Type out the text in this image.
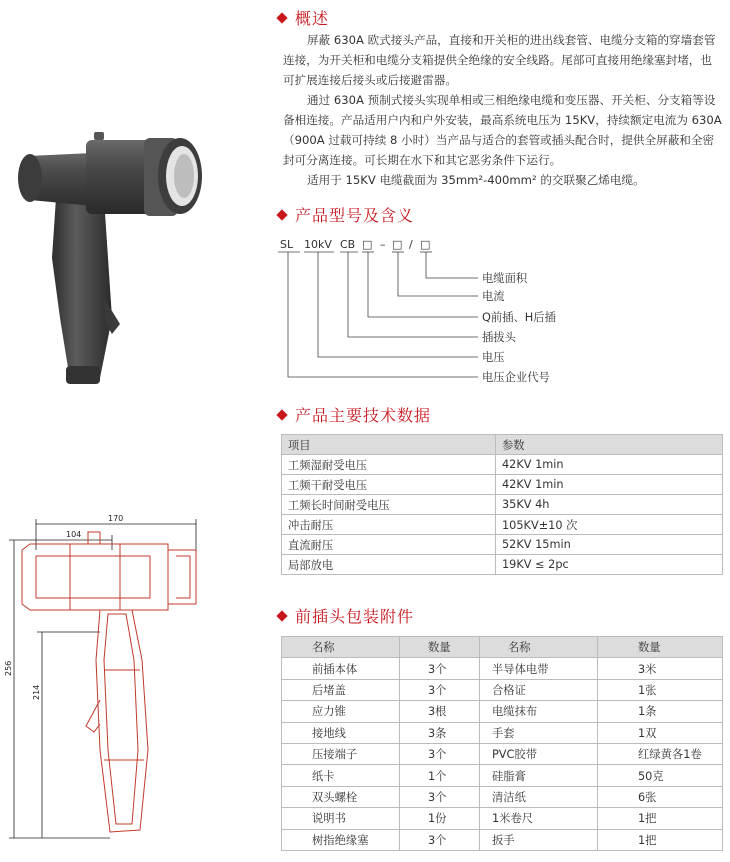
170
104
256
214
概述

屏蔽 630A 欧式接头产品，直接和开关柜的进出线套管、电缆分支箱的穿墙套管连接，为开关柜和电缆分支箱提供全绝缘的安全线路。尾部可直接用绝缘塞封堵，也可扩展连接后接头或后接避雷器。

通过 630A 预制式接头实现单相或三相绝缘电缆和变压器、开关柜、分支箱等设备相连接。产品适用户内和户外安装，最高系统电压为 15KV，持续额定电流为 630A（900A 过载可持续 8 小时）当产品与适合的套管或插头配合时，提供全屏蔽和全密封可分离连接。可长期在水下和其它恶劣条件下运行。

适用于 15KV 电缆截面为 35mm²-400mm² 的交联聚乙烯电缆。

产品型号及含义
SL 10kV CB □ – □ / □
电缆面积
电流
Q前插、H后插
插拔头
电压
电压企业代号
产品主要技术数据
项目	参数
工频湿耐受电压	42KV 1min
工频干耐受电压	42KV 1min
工频长时间耐受电压	35KV 4h
冲击耐压	105KV±10 次
直流耐压	52KV 15min
局部放电	19KV ≤ 2pc
前插头包装附件
名称	数量	名称	数量
前插本体	3个	半导体电带	3米
后堵盖	3个	合格证	1张
应力锥	3根	电缆抹布	1条
接地线	3条	手套	1双
压接端子	3个	PVC胶带	红绿黄各1卷
纸卡	1个	硅脂膏	50克
双头螺栓	3个	清洁纸	6张
说明书	1份	1米卷尺	1把
树指绝缘塞	3个	扳手	1把
